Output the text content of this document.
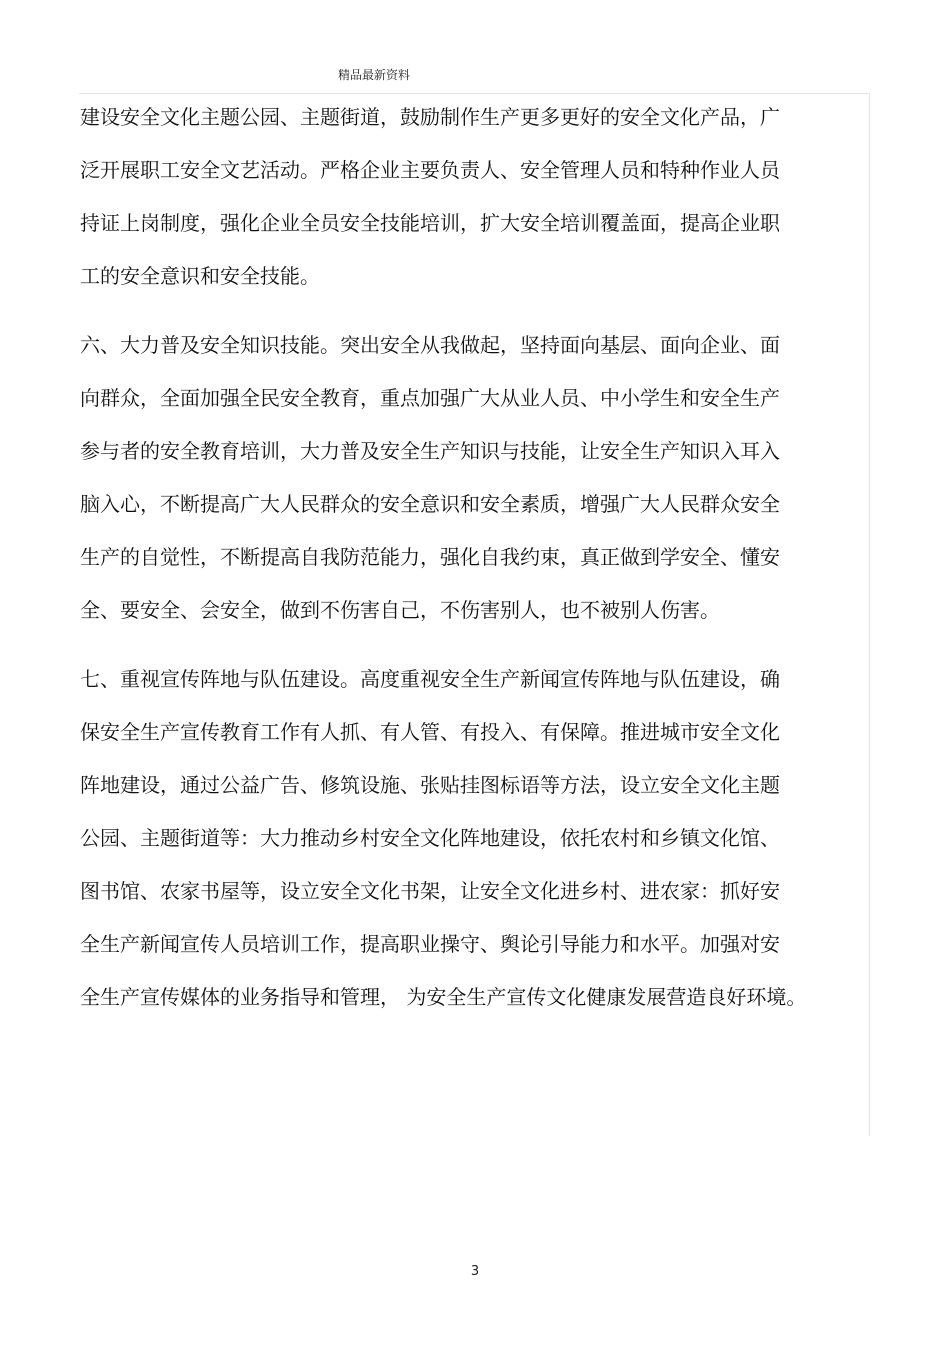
精品最新资料

建设安全文化主题公园、主题街道，鼓励制作生产更多更好的安全文化产品，广
泛开展职工安全文艺活动。严格企业主要负责人、安全管理人员和特种作业人员
持证上岗制度，强化企业全员安全技能培训，扩大安全培训覆盖面，提高企业职
工的安全意识和安全技能。

六、大力普及安全知识技能。突出安全从我做起，坚持面向基层、面向企业、面
向群众，全面加强全民安全教育，重点加强广大从业人员、中小学生和安全生产
参与者的安全教育培训，大力普及安全生产知识与技能，让安全生产知识入耳入
脑入心，不断提高广大人民群众的安全意识和安全素质，增强广大人民群众安全
生产的自觉性，不断提高自我防范能力，强化自我约束，真正做到学安全、懂安
全、要安全、会安全，做到不伤害自己，不伤害别人，也不被别人伤害。

七、重视宣传阵地与队伍建设。高度重视安全生产新闻宣传阵地与队伍建设，确
保安全生产宣传教育工作有人抓、有人管、有投入、有保障。推进城市安全文化
阵地建设，通过公益广告、修筑设施、张贴挂图标语等方法，设立安全文化主题
公园、主题街道等：大力推动乡村安全文化阵地建设，依托农村和乡镇文化馆、
图书馆、农家书屋等，设立安全文化书架，让安全文化进乡村、进农家：抓好安
全生产新闻宣传人员培训工作，提高职业操守、舆论引导能力和水平。加强对安
全生产宣传媒体的业务指导和管理， 为安全生产宣传文化健康发展营造良好环境。

3
